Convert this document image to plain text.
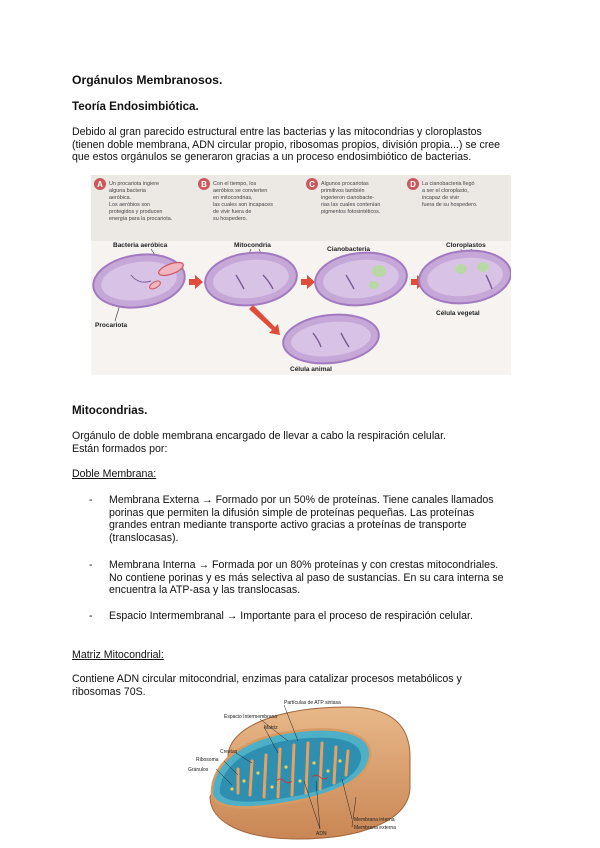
Orgánulos Membranosos.
Teoría Endosimbiótica.
Debido al gran parecido estructural entre las bacterias y las mitocondrias y cloroplastos
(tienen doble membrana, ADN circular propio, ribosomas propios, división propia...) se cree
que estos orgánulos se generaron gracias a un proceso endosimbiótico de bacterias.
A Un procariota ingiere alguna bacteria aeróbica. Los aeróbios son protegidos y producen energía para la procariota.
B Con el tiempo, los aeróbios se convierten en mitocondrias, las cuales son incapaces de vivir fuera de su hospedero.
C Algunos procariotas primitivos también ingerieron cianobacte- rias las cuales contenían pigmentos fotosintéticos.
D La cianobacteria llegó a ser el cloroplasto, incapaz de vivir fuera de su hospedero.
Bacteria aeróbica	Mitocondria
Cianobacteria
Cloroplastos
Procariota
Célula vegetal
Célula animal
Mitocondrias.
Orgánulo de doble membrana encargado de llevar a cabo la respiración celular.
Están formados por:
Doble Membrana:
- Membrana Externa → Formado por un 50% de proteínas. Tiene canales llamados
porinas que permiten la difusión simple de proteínas pequeñas. Las proteínas
grandes entran mediante transporte activo gracias a proteínas de transporte
(translocasas).
- Membrana Interna → Formada por un 80% proteínas y con crestas mitocondriales.
No contiene porinas y es más selectiva al paso de sustancias. En su cara interna se
encuentra la ATP-asa y las translocasas.
- Espacio Intermembranal → Importante para el proceso de respiración celular.
Matriz Mitocondrial:
Contiene ADN circular mitocondrial, enzimas para catalizar procesos metabólicos y
ribosomas 70S.
Partículas de ATP sintasa
Espacio Intermembrana
Matriz
Crestas
Ribosoma
Gránulos
Membrana interna
Membrana externa
ADN
